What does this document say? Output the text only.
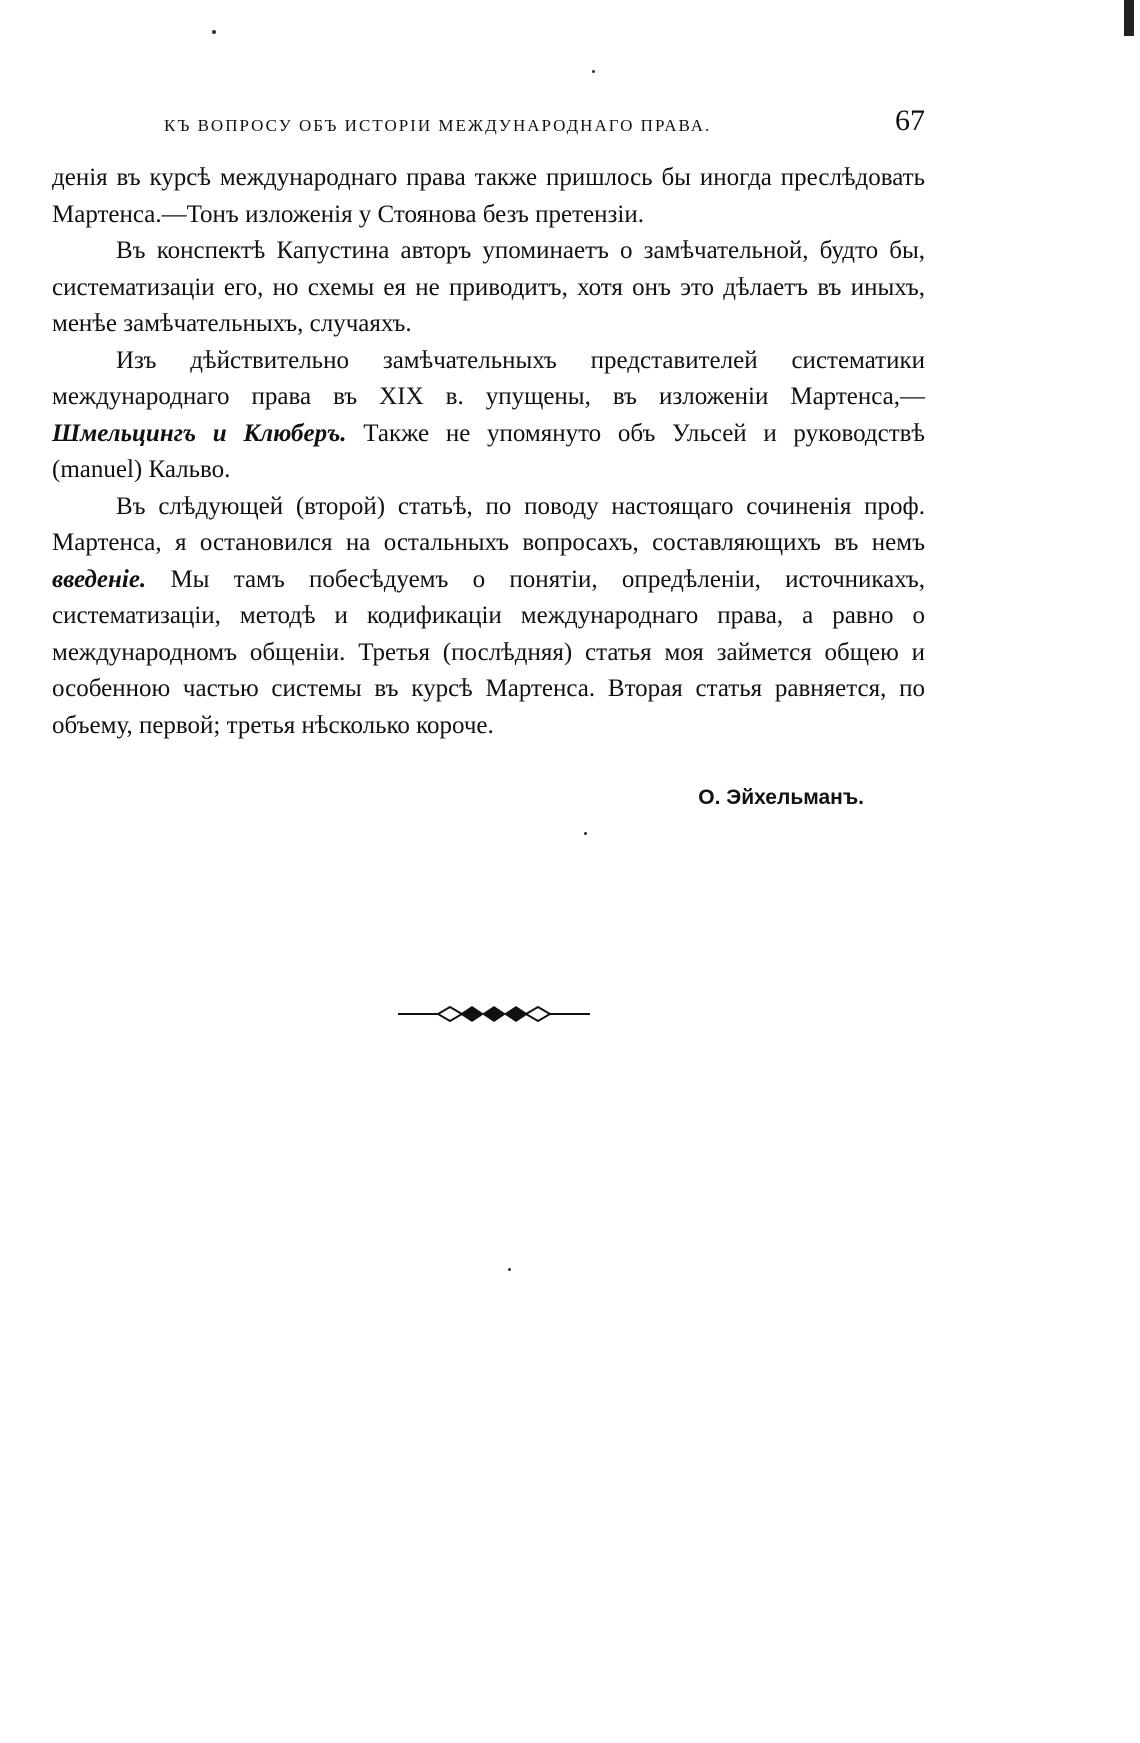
КЪ ВОПРОСУ ОБЪ ИСТОРІИ МЕЖДУНАРОДНАГО ПРАВА.	67

денія въ курсѣ международнаго права также пришлось бы иногда преслѣдовать Мартенса.—Тонъ изложенія у Стоянова безъ претензіи.

Въ конспектѣ Капустина авторъ упоминаетъ о замѣчательной, будто бы, систематизаціи его, но схемы ея не приводитъ, хотя онъ это дѣлаетъ въ иныхъ, менѣе замѣчательныхъ, случаяхъ.

Изъ дѣйствительно замѣчательныхъ представителей систематики международнаго права въ XIX в. упущены, въ изложеніи Мартенса,—Шмельцингъ и Клюберъ. Также не упомянуто объ Ульсей и руководствѣ (manuel) Кальво.

Въ слѣдующей (второй) статьѣ, по поводу настоящаго сочиненія проф. Мартенса, я остановился на остальныхъ вопросахъ, составляющихъ въ немъ введеніе. Мы тамъ побесѣдуемъ о понятіи, опредѣленіи, источникахъ, систематизаціи, методѣ и кодификаціи международнаго права, а равно о международномъ общеніи. Третья (послѣдняя) статья моя займется общею и особенною частью системы въ курсѣ Мартенса. Вторая статья равняется, по объему, первой; третья нѣсколько короче.

О. Эйхельманъ.
